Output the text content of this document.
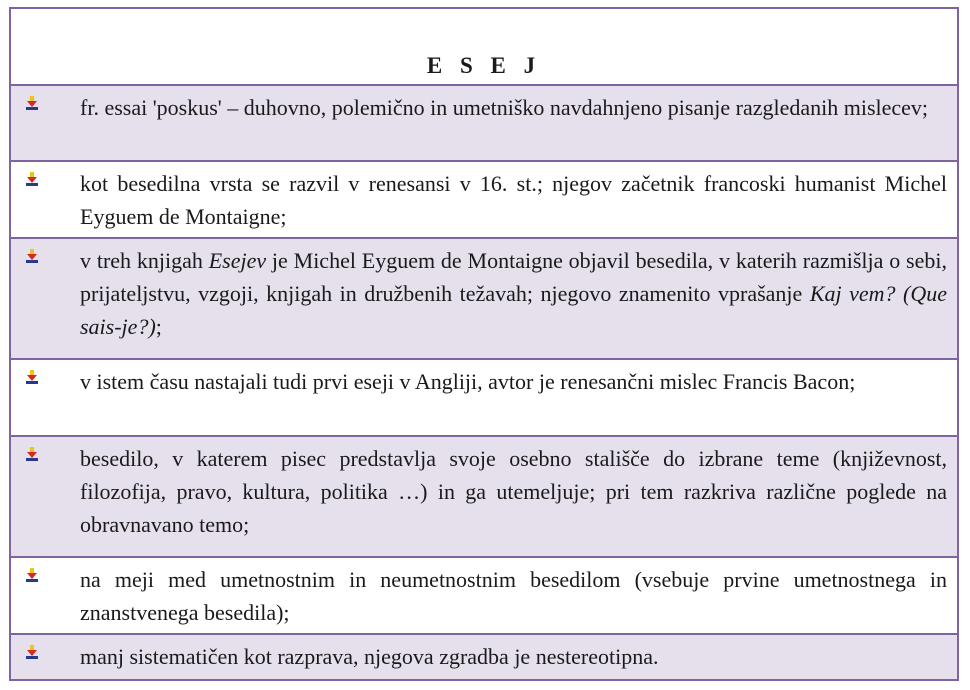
E S E J
fr. essai 'poskus' – duhovno, polemično in umetniško navdahnjeno pisanje razgledanih mislecev;
kot besedilna vrsta se razvil v renesansi v 16. st.; njegov začetnik francoski humanist Michel Eyguem de Montaigne;
v treh knjigah Esejev je Michel Eyguem de Montaigne objavil besedila, v katerih razmišlja o sebi, prijateljstvu, vzgoji, knjigah in družbenih težavah; njegovo znamenito vprašanje Kaj vem? (Que sais-je?);
v istem času nastajali tudi prvi eseji v Angliji, avtor je renesančni mislec Francis Bacon;
besedilo, v katerem pisec predstavlja svoje osebno stališče do izbrane teme (književnost, filozofija, pravo, kultura, politika …) in ga utemeljuje; pri tem razkriva različne poglede na obravnavano temo;
na meji med umetnostnim in neumetnostnim besedilom (vsebuje prvine umetnostnega in znanstvenega besedila);
manj sistematičen kot razprava, njegova zgradba je nestereotipna.
